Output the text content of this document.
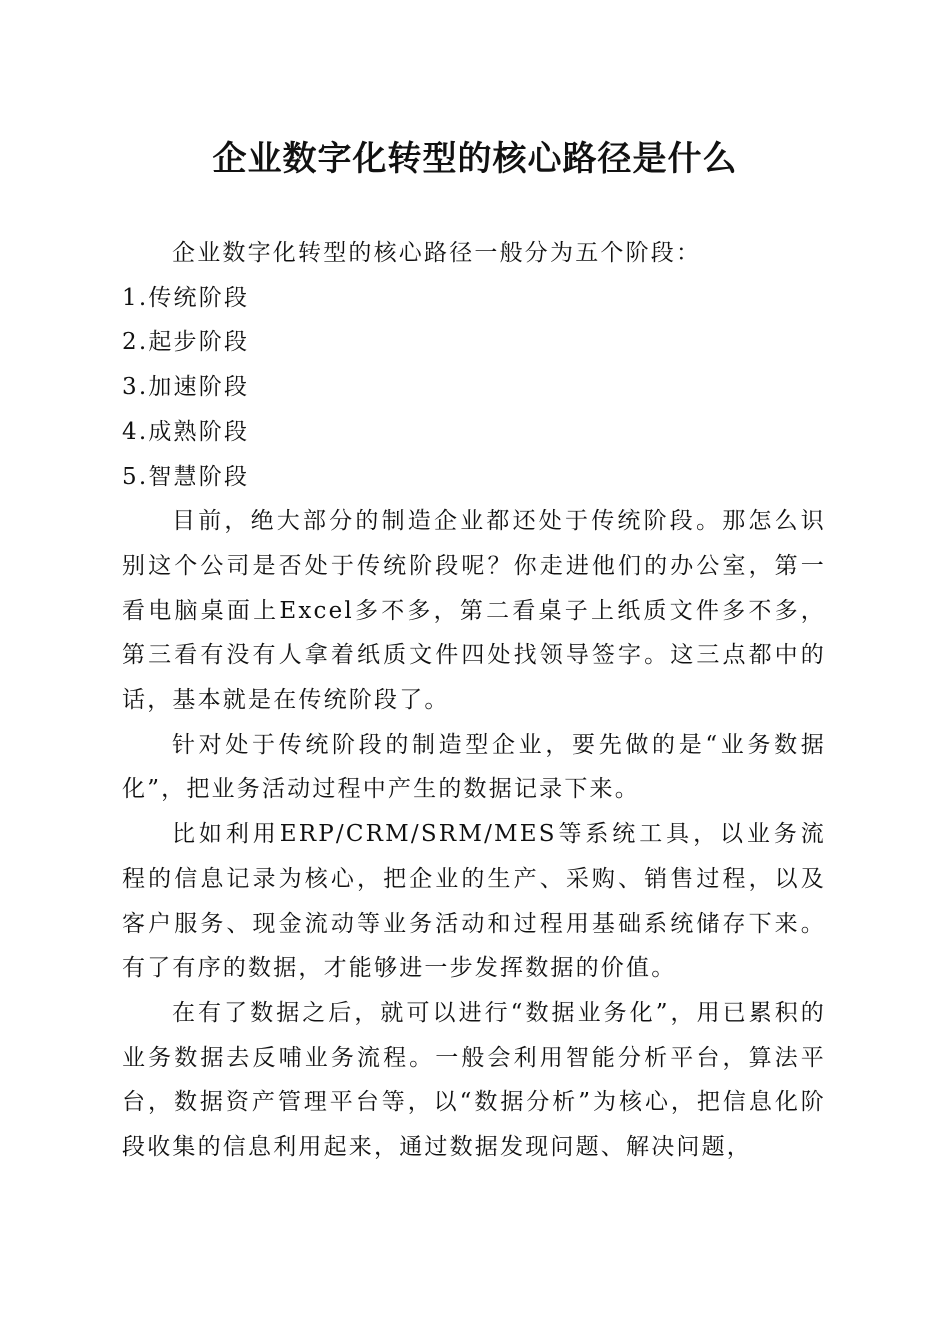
企业数字化转型的核心路径是什么

企业数字化转型的核心路径一般分为五个阶段：

1.传统阶段

2.起步阶段

3.加速阶段

4.成熟阶段

5.智慧阶段

目前，绝大部分的制造企业都还处于传统阶段。那怎么识别这个公司是否处于传统阶段呢？你走进他们的办公室，第一看电脑桌面上Excel多不多，第二看桌子上纸质文件多不多，第三看有没有人拿着纸质文件四处找领导签字。这三点都中的话，基本就是在传统阶段了。

针对处于传统阶段的制造型企业，要先做的是“业务数据化”，把业务活动过程中产生的数据记录下来。

比如利用ERP/CRM/SRM/MES等系统工具，以业务流程的信息记录为核心，把企业的生产、采购、销售过程，以及客户服务、现金流动等业务活动和过程用基础系统储存下来。有了有序的数据，才能够进一步发挥数据的价值。

在有了数据之后，就可以进行“数据业务化”，用已累积的业务数据去反哺业务流程。一般会利用智能分析平台，算法平台，数据资产管理平台等，以“数据分析”为核心，把信息化阶段收集的信息利用起来，通过数据发现问题、解决问题，
